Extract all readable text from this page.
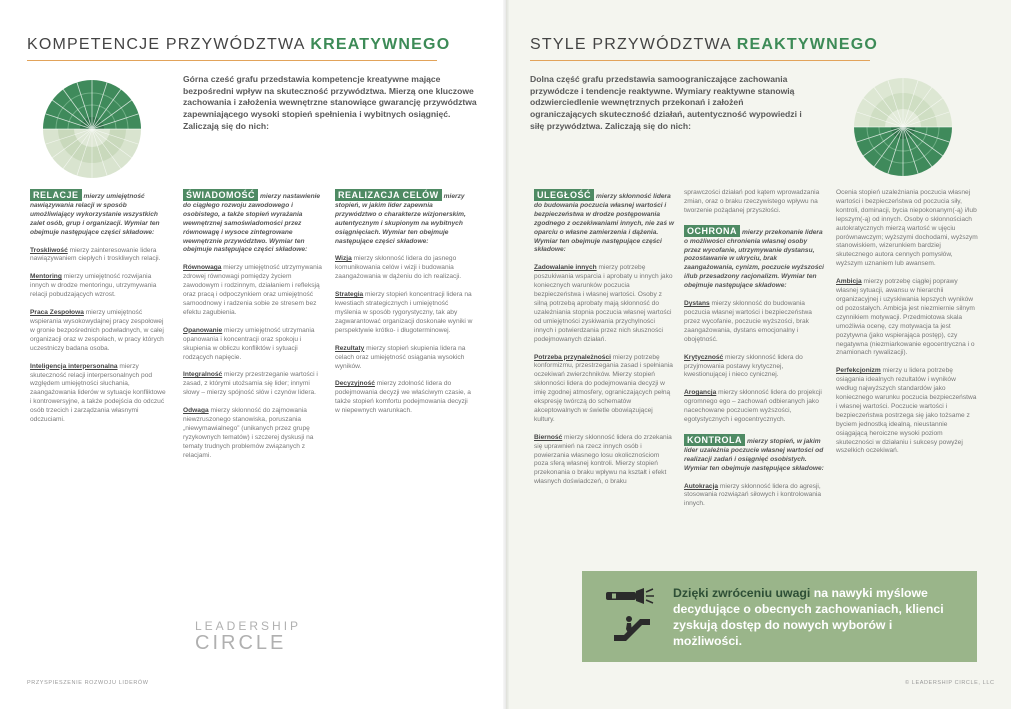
KOMPETENCJE PRZYWÓDZTWA KREATYWNEGO	STYLE PRZYWÓDZTWA REAKTYWNEGO
Górna cześć grafu przedstawia kompetencje kreatywne mające bezpośredni wpływ na skuteczność przywództwa. Mierzą one kluczowe zachowania i założenia wewnętrzne stanowiące gwarancję przywództwa zapewniającego wysoki stopień spełnienia i wybitnych osiągnięć. Zaliczają się do nich:
Dolna część grafu przedstawia samoograniczające zachowania przywódcze i tendencje reaktywne. Wymiary reaktywne stanowią odzwierciedlenie wewnętrznych przekonań i założeń ograniczających skuteczność działań, autentyczność wypowiedzi i siłę przywództwa. Zaliczają się do nich:
RELACJE mierzy umiejętność nawiązywania relacji w sposób umożliwiający wykorzystanie wszystkich zalet osób, grup i organizacji. Wymiar ten obejmuje następujące części składowe:
Troskliwość mierzy zainteresowanie lidera nawiązywaniem ciepłych i troskliwych relacji.
Mentoring mierzy umiejętność rozwijania innych w drodze mentoringu, utrzymywania relacji pobudzających wzrost.
Praca Zespołowa mierzy umiejętność wspierania wysokowydajnej pracy zespołowej w gronie bezpośrednich podwładnych, w całej organizacji oraz w zespołach, w pracy których uczestniczy badana osoba.
Inteligencja interpersonalna mierzy skuteczność relacji interpersonalnych pod względem umiejętności słuchania, zaangażowania liderów w sytuacje konfliktowe i kontrowersyjne, a także podejścia do odczuć osób trzecich i zarządzania własnymi odczuciami.
ŚWIADOMOŚĆ mierzy nastawienie do ciągłego rozwoju zawodowego i osobistego, a także stopień wyrażania wewnętrznej samoświadomości przez równowagę i wysoce zintegrowane wewnętrznie przywództwo. Wymiar ten obejmuje następujące części składowe:
Równowaga mierzy umiejętność utrzymywania zdrowej równowagi pomiędzy życiem zawodowym i rodzinnym, działaniem i refleksją oraz pracą i odpoczynkiem oraz umiejętność samoodnowy i radzenia sobie ze stresem bez efektu zagubienia.
Opanowanie mierzy umiejętność utrzymania opanowania i koncentracji oraz spokoju i skupienia w obliczu konfliktów i sytuacji rodzących napięcie.
Integralność mierzy przestrzeganie wartości i zasad, z którymi utożsamia się lider; innymi słowy – mierzy spójność słów i czynów lidera.
Odwaga mierzy skłonność do zajmowania niewzruszonego stanowiska, poruszania „niewymawialnego” (unikanych przez grupę ryzykownych tematów) i szczerej dyskusji na tematy trudnych problemów związanych z relacjami.
REALIZACJA CELÓW mierzy stopień, w jakim lider zapewnia przywództwo o charakterze wizjonerskim, autentycznym i skupionym na wybitnych osiągnięciach. Wymiar ten obejmuje następujące części składowe:
Wizja mierzy skłonność lidera do jasnego komunikowania celów i wizji i budowania zaangażowania w dążeniu do ich realizacji.
Strategia mierzy stopień koncentracji lidera na kwestiach strategicznych i umiejętność myślenia w sposób rygorystyczny, tak aby zagwarantować organizacji doskonałe wyniki w perspektywie krótko- i długoterminowej.
Rezultaty mierzy stopień skupienia lidera na celach oraz umiejętność osiągania wysokich wyników.
Decyzyjność mierzy zdolność lidera do podejmowania decyzji we właściwym czasie, a także stopień komfortu podejmowania decyzji w niepewnych warunkach.
ULEGŁOŚĆ mierzy skłonność lidera do budowania poczucia własnej wartości i bezpieczeństwa w drodze postępowania zgodnego z oczekiwaniami innych, nie zaś w oparciu o własne zamierzenia i dążenia. Wymiar ten obejmuje następujące części składowe:
Zadowalanie innych mierzy potrzebę poszukiwania wsparcia i aprobaty u innych jako koniecznych warunków poczucia bezpieczeństwa i własnej wartości. Osoby z silną potrzebą aprobaty mają skłonność do uzależniania stopnia poczucia własnej wartości od umiejętności zyskiwania przychylności innych i potwierdzania przez nich słuszności podejmowanych działań.
Potrzeba przynależności mierzy potrzebę konformizmu, przestrzegania zasad i spełniania oczekiwań zwierzchników. Mierzy stopień skłonności lidera do podejmowania decyzji w imię zgodnej atmosfery, ograniczających pełną ekspresję twórczą do schematów akceptowalnych w świetle obowiązującej kultury.
Bierność mierzy skłonność lidera do zrzekania się uprawnień na rzecz innych osób i powierzania własnego losu okolicznościom poza sferą własnej kontroli. Mierzy stopień przekonania o braku wpływu na kształt i efekt własnych doświadczeń, o braku

sprawczości działań pod kątem wprowadzania zmian, oraz o braku rzeczywistego wpływu na tworzenie pożądanej przyszłości.

OCHRONA mierzy przekonanie lidera o możliwości chronienia własnej osoby przez wycofanie, utrzymywanie dystansu, pozostawanie w ukryciu, brak zaangażowania, cynizm, poczucie wyższości i/lub przesadzony racjonalizm. Wymiar ten obejmuje następujące składowe:
Dystans mierzy skłonność do budowania poczucia własnej wartości i bezpieczeństwa przez wycofanie, poczucie wyższości, brak zaangażowania, dystans emocjonalny i obojętność.
Krytyczność mierzy skłonność lidera do przyjmowania postawy krytycznej, kwestionującej i nieco cynicznej.
Arogancja mierzy skłonność lidera do projekcji ogromnego ego – zachowań odbieranych jako nacechowane poczuciem wyższości, egotystycznych i egocentrycznych.
KONTROLA mierzy stopień, w jakim lider uzależnia poczucie własnej wartości od realizacji zadań i osiągnięć osobistych. Wymiar ten obejmuje następujące składowe:
Autokracja mierzy skłonność lidera do agresji, stosowania rozwiązań siłowych i kontrolowania innych.

Ocenia stopień uzależniania poczucia własnej wartości i bezpieczeństwa od poczucia siły, kontroli, dominacji, bycia niepokonanym(-ą) i/lub lepszym(-ą) od innych. Osoby o skłonnościach autokratycznych mierzą wartość w ujęciu porównawczym; wyższymi dochodami, wyższym stanowiskiem, wizerunkiem bardziej skutecznego autora cennych pomysłów, wyższym uznaniem lub awansem.

Ambicja mierzy potrzebę ciągłej poprawy własnej sytuacji, awansu w hierarchii organizacyjnej i uzyskiwania lepszych wyników od pozostałych. Ambicja jest niezmiernie silnym czynnikiem motywacji. Przedmiotowa skala umożliwia ocenę, czy motywacja ta jest pozytywna (jako wspierająca postęp), czy negatywna (niezmiarkowanie egocentryczna i o znamionach rywalizacji).
Perfekcjonizm mierzy u lidera potrzebę osiągania idealnych rezultatów i wyników według najwyższych standardów jako koniecznego warunku poczucia bezpieczeństwa i własnej wartości. Poczucie wartości i bezpieczeństwa postrzega się jako tożsame z byciem jednostką idealną, nieustannie osiągającą heroiczne wysoki poziom skuteczności w działaniu i sukcesy powyżej wszelkich oczekiwań.
LEADERSHIP
CIRCLE
Dzięki zwróceniu uwagi na nawyki myślowe decydujące o obecnych zachowaniach, klienci zyskują dostęp do nowych wyborów i możliwości.
PRZYSPIESZENIE ROZWOJU LIDERÓW	© LEADERSHIP CIRCLE, LLC
